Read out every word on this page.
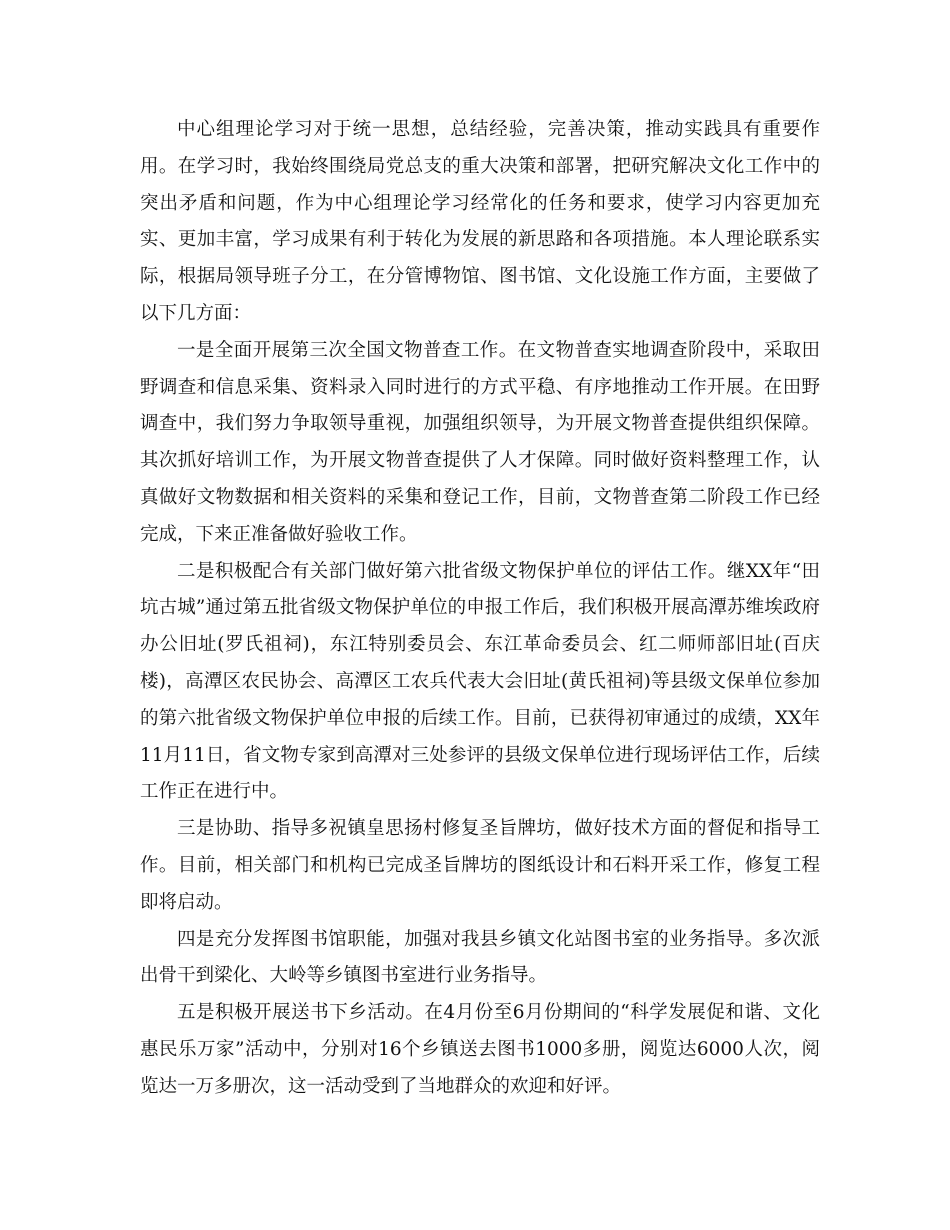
中心组理论学习对于统一思想，总结经验，完善决策，推动实践具有重要作用。在学习时，我始终围绕局党总支的重大决策和部署，把研究解决文化工作中的突出矛盾和问题，作为中心组理论学习经常化的任务和要求，使学习内容更加充实、更加丰富，学习成果有利于转化为发展的新思路和各项措施。本人理论联系实际，根据局领导班子分工，在分管博物馆、图书馆、文化设施工作方面，主要做了以下几方面：

一是全面开展第三次全国文物普查工作。在文物普查实地调查阶段中，采取田野调查和信息采集、资料录入同时进行的方式平稳、有序地推动工作开展。在田野调查中，我们努力争取领导重视，加强组织领导，为开展文物普查提供组织保障。其次抓好培训工作，为开展文物普查提供了人才保障。同时做好资料整理工作，认真做好文物数据和相关资料的采集和登记工作，目前，文物普查第二阶段工作已经完成，下来正准备做好验收工作。

二是积极配合有关部门做好第六批省级文物保护单位的评估工作。继XX年“田坑古城”通过第五批省级文物保护单位的申报工作后，我们积极开展高潭苏维埃政府办公旧址(罗氏祖祠)，东江特别委员会、东江革命委员会、红二师师部旧址(百庆楼)，高潭区农民协会、高潭区工农兵代表大会旧址(黄氏祖祠)等县级文保单位参加的第六批省级文物保护单位申报的后续工作。目前，已获得初审通过的成绩，XX年11月11日，省文物专家到高潭对三处参评的县级文保单位进行现场评估工作，后续工作正在进行中。

三是协助、指导多祝镇皇思扬村修复圣旨牌坊，做好技术方面的督促和指导工作。目前，相关部门和机构已完成圣旨牌坊的图纸设计和石料开采工作，修复工程即将启动。

四是充分发挥图书馆职能，加强对我县乡镇文化站图书室的业务指导。多次派出骨干到梁化、大岭等乡镇图书室进行业务指导。

五是积极开展送书下乡活动。在4月份至6月份期间的“科学发展促和谐、文化惠民乐万家”活动中，分别对16个乡镇送去图书1000多册，阅览达6000人次，阅览达一万多册次，这一活动受到了当地群众的欢迎和好评。
